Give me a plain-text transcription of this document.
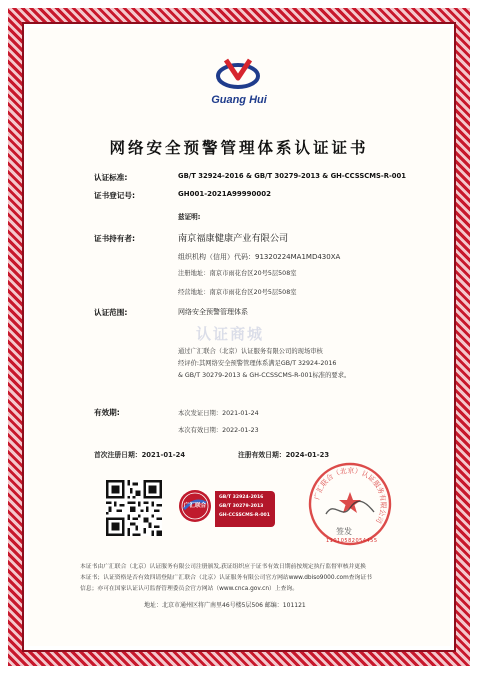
Guang Hui
网络安全预警管理体系认证证书
认证标准:	GB/T 32924-2016 & GB/T 30279-2013 & GH-CCSSCMS-R-001
证书登记号:	GH001-2021A99990002
兹证明:
证书持有者:	南京福康健康产业有限公司
组织机构（信用）代码：91320224MA1MD430XA
注册地址：南京市雨花台区20号5层508室
经营地址：南京市雨花台区20号5层508室
认证范围:	网络安全预警管理体系
认证商城
通过广汇联合（北京）认证服务有限公司的现场审核
经评价:其网络安全预警管理体系满足GB/T 32924-2016
& GB/T 30279-2013 & GH-CCSSCMS-R-001标准的要求。
有效期:	本次发证日期：2021-01-24
本次有效日期：2022-01-23
首次注册日期：2021-01-24	注册有效日期：2024-01-23
广汇联合
GB/T 32924-2016
GB/T 30279-2013
GH-CCSSCMS-R-001
广汇联合（北京）认证服务有限公司
签发
11010582054455
本证书由广汇联合（北京）认证服务有限公司注册颁发,获证组织应于证书有效日期前按规定执行监督审核并更换
本证书；认证资格是否有效四请登陆广汇联合（北京）认证服务有限公司官方网站www.dbiso9000.com查询证书
信息；亦可在国家认证认可监督管理委员会官方网站（www.cnca.gov.cn）上查询。
地址：北京市通州区将广南里46号楼5层506 邮编：101121
